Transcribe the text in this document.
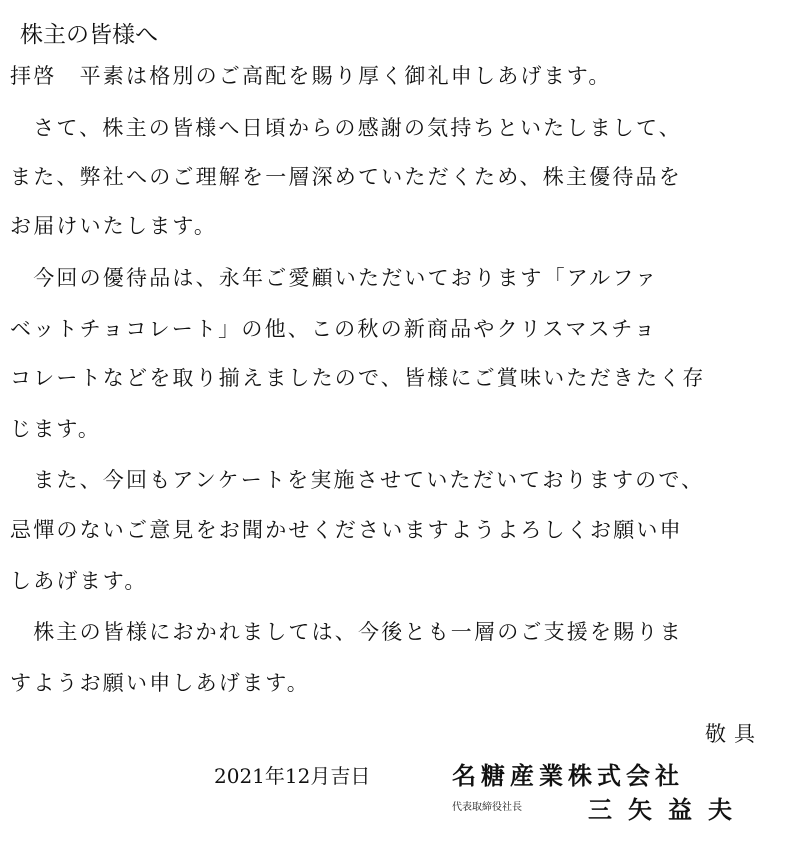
株主の皆様へ
拝啓　平素は格別のご高配を賜り厚く御礼申しあげます。
　さて、株主の皆様へ日頃からの感謝の気持ちといたしまして、
また、弊社へのご理解を一層深めていただくため、株主優待品を
お届けいたします。
　今回の優待品は、永年ご愛顧いただいております「アルファ
ベットチョコレート」の他、この秋の新商品やクリスマスチョ
コレートなどを取り揃えましたので、皆様にご賞味いただきたく存
じます。
　また、今回もアンケートを実施させていただいておりますので、
忌憚のないご意見をお聞かせくださいますようよろしくお願い申
しあげます。
　株主の皆様におかれましては、今後とも一層のご支援を賜りま
すようお願い申しあげます。
敬具
2021年12月吉日	名糖産業株式会社
代表取締役社長	三矢益夫
